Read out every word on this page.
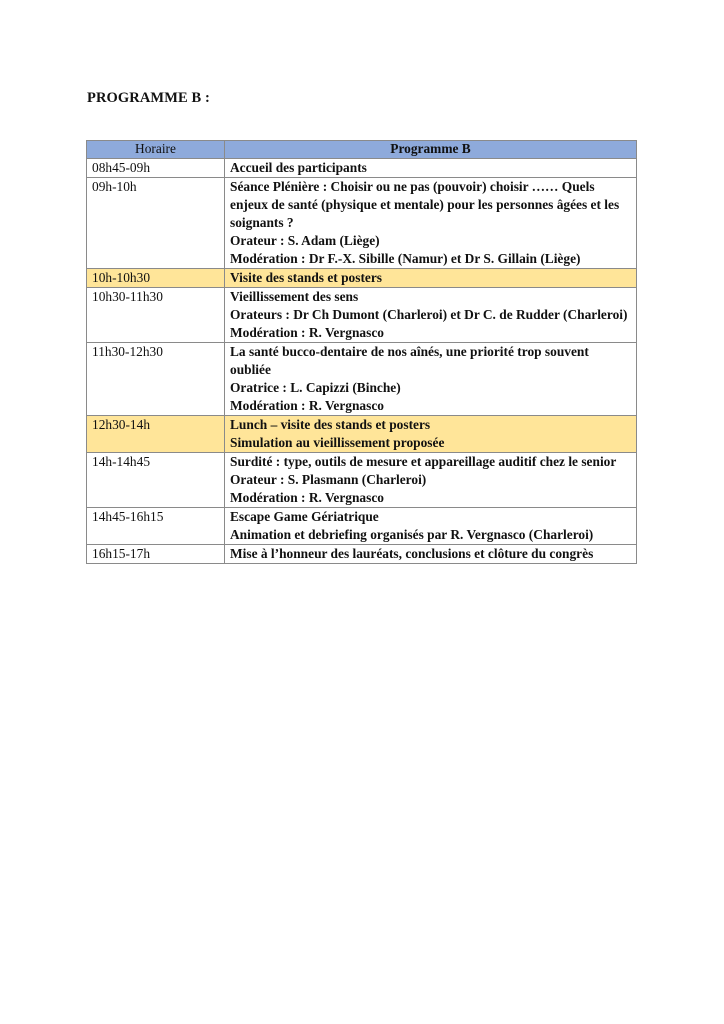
PROGRAMME B :
Horaire	Programme B
08h45-09h	Accueil des participants

09h-10h	Séance Plénière : Choisir ou ne pas (pouvoir) choisir …… Quels enjeux de santé (physique et mentale) pour les personnes âgées et les soignants ?
Orateur : S. Adam (Liège)
Modération : Dr F.-X. Sibille (Namur) et Dr S. Gillain (Liège)

10h-10h30	Visite des stands et posters

10h30-11h30	Vieillissement des sens
Orateurs : Dr Ch Dumont (Charleroi) et Dr C. de Rudder (Charleroi)
Modération : R. Vergnasco

11h30-12h30	La santé bucco-dentaire de nos aînés, une priorité trop souvent oubliée
Oratrice : L. Capizzi (Binche)
Modération : R. Vergnasco

12h30-14h	Lunch – visite des stands et posters
Simulation au vieillissement proposée

14h-14h45	Surdité : type, outils de mesure et appareillage auditif chez le senior
Orateur : S. Plasmann (Charleroi)
Modération : R. Vergnasco

14h45-16h15	Escape Game Gériatrique
Animation et debriefing organisés par R. Vergnasco (Charleroi)

16h15-17h	Mise à l’honneur des lauréats, conclusions et clôture du congrès
